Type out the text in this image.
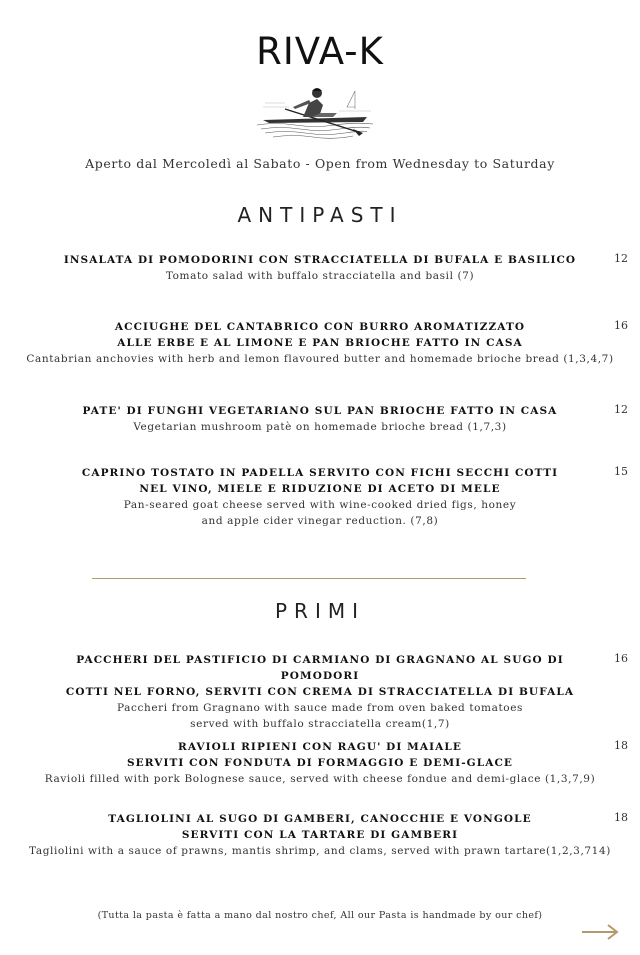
RIVA-K
Aperto dal Mercoledì al Sabato - Open from Wednesday to Saturday
ANTIPASTI
INSALATA DI POMODORINI CON STRACCIATELLA DI BUFALA E BASILICO
Tomato salad with buffalo stracciatella and basil (7)
12
ACCIUGHE DEL CANTABRICO CON BURRO AROMATIZZATO
ALLE ERBE E AL LIMONE E PAN BRIOCHE FATTO IN CASA
Cantabrian anchovies with herb and lemon flavoured butter and homemade brioche bread (1,3,4,7)
16
PATE' DI FUNGHI VEGETARIANO SUL PAN BRIOCHE FATTO IN CASA
Vegetarian mushroom patè on homemade brioche bread (1,7,3)
12
CAPRINO TOSTATO IN PADELLA SERVITO CON FICHI SECCHI COTTI
NEL VINO, MIELE E RIDUZIONE DI ACETO DI MELE
Pan-seared goat cheese served with wine-cooked dried figs, honey
and apple cider vinegar reduction. (7,8)
15
PRIMI
PACCHERI DEL PASTIFICIO DI CARMIANO DI GRAGNANO AL SUGO DI POMODORI
COTTI NEL FORNO, SERVITI CON CREMA DI STRACCIATELLA DI BUFALA
Paccheri from Gragnano with sauce made from oven baked tomatoes
served with buffalo stracciatella cream(1,7)
16
RAVIOLI RIPIENI CON RAGU' DI MAIALE
SERVITI CON FONDUTA DI FORMAGGIO E DEMI-GLACE
Ravioli filled with pork Bolognese sauce, served with cheese fondue and demi-glace (1,3,7,9)
18
TAGLIOLINI AL SUGO DI GAMBERI, CANOCCHIE E VONGOLE
SERVITI CON LA TARTARE DI GAMBERI
Tagliolini with a sauce of prawns, mantis shrimp, and clams, served with prawn tartare(1,2,3,714)
18
(Tutta la pasta è fatta a mano dal nostro chef, All our Pasta is handmade by our chef)
